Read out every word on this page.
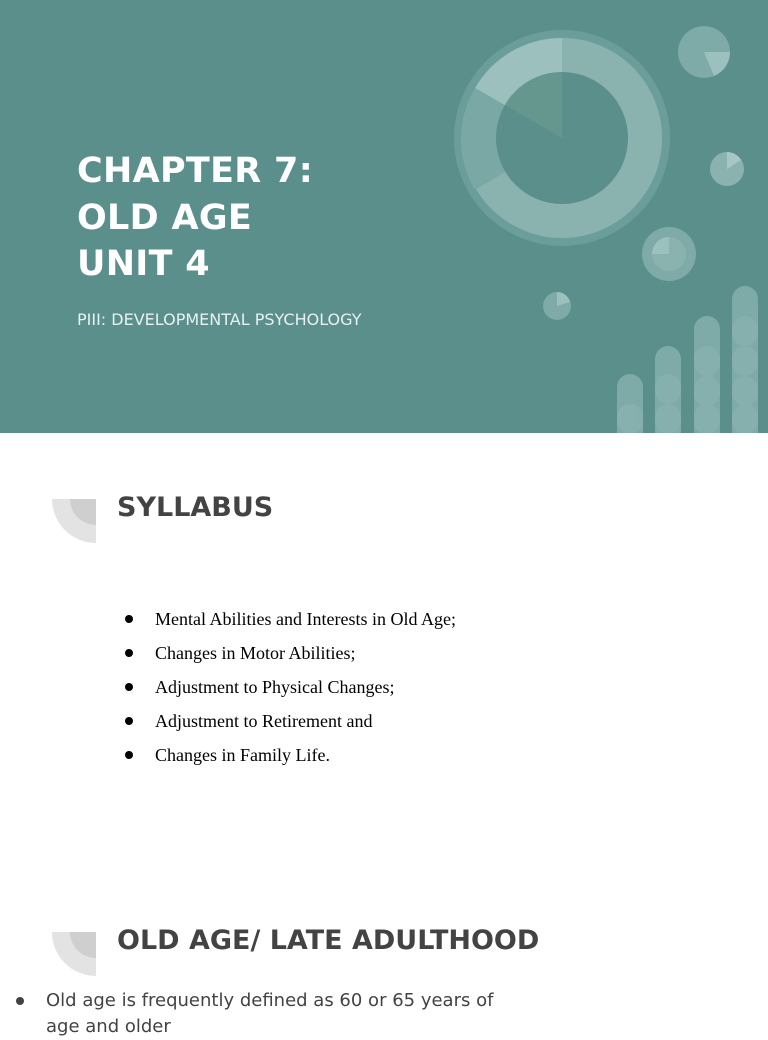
CHAPTER 7:
OLD AGE
UNIT 4
PIII: DEVELOPMENTAL PSYCHOLOGY
SYLLABUS
Mental Abilities and Interests in Old Age;
Changes in Motor Abilities;
Adjustment to Physical Changes;
Adjustment to Retirement and
Changes in Family Life.
OLD AGE/ LATE ADULTHOOD
Old age is frequently defined as 60 or 65 years of age and older
